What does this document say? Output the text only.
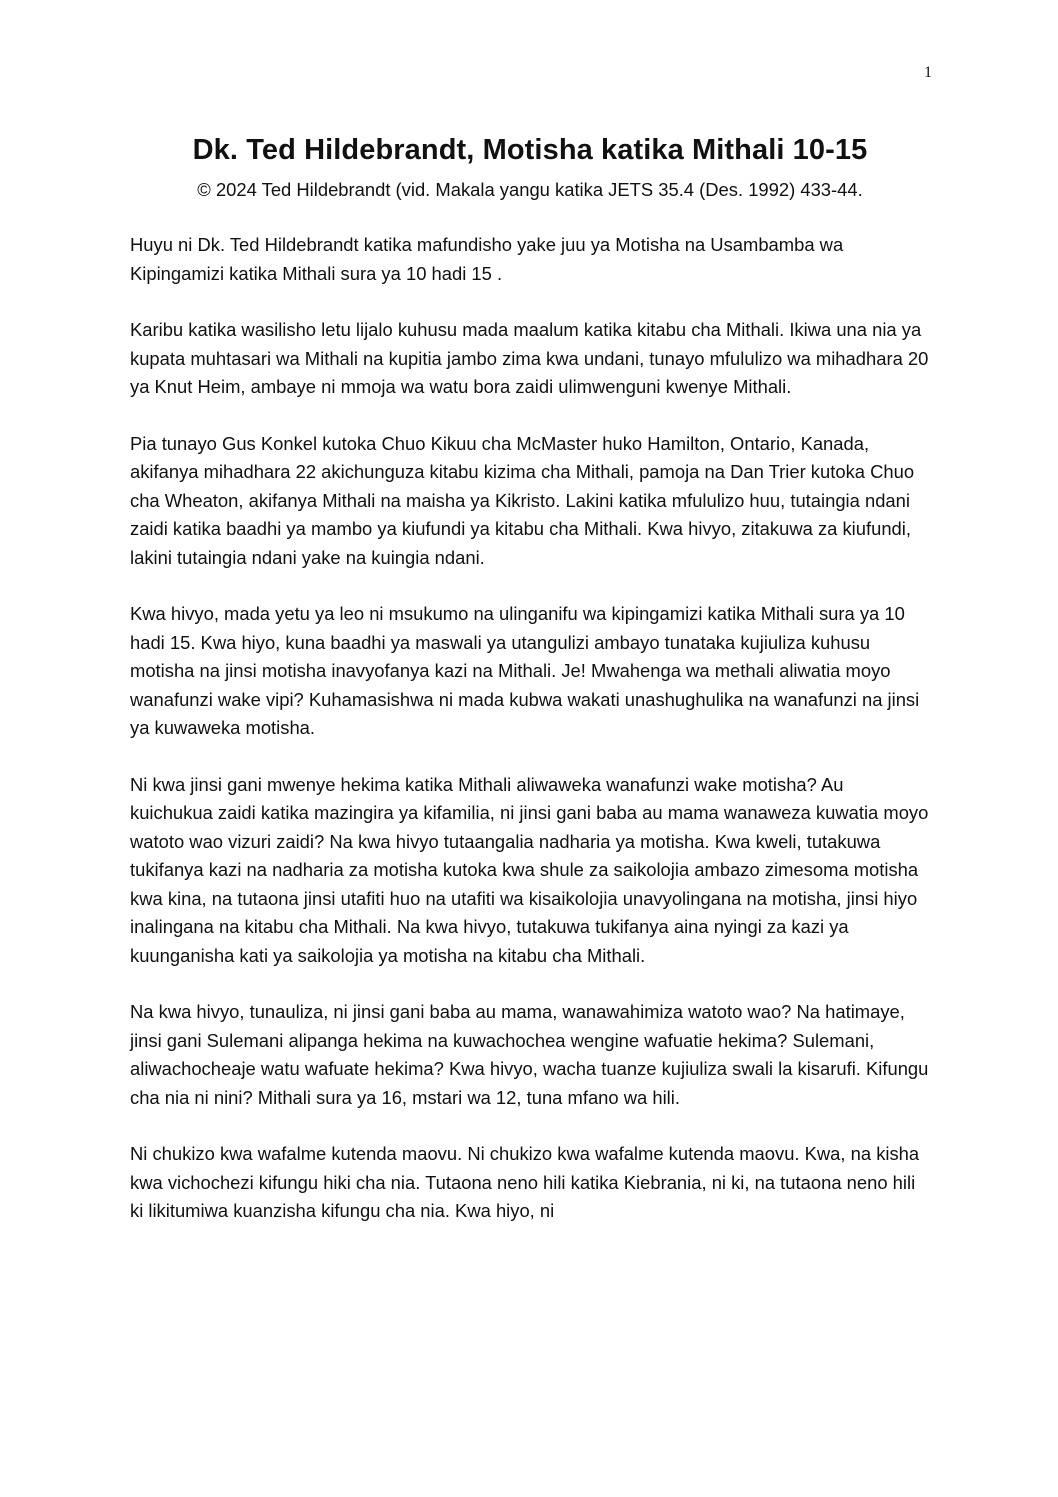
1
Dk. Ted Hildebrandt, Motisha katika Mithali 10-15

© 2024 Ted Hildebrandt (vid. Makala yangu katika JETS 35.4 (Des. 1992) 433-44.

Huyu ni Dk. Ted Hildebrandt katika mafundisho yake juu ya Motisha na Usambamba wa Kipingamizi katika Mithali sura ya 10 hadi 15 .

Karibu katika wasilisho letu lijalo kuhusu mada maalum katika kitabu cha Mithali. Ikiwa una nia ya kupata muhtasari wa Mithali na kupitia jambo zima kwa undani, tunayo mfululizo wa mihadhara 20 ya Knut Heim, ambaye ni mmoja wa watu bora zaidi ulimwenguni kwenye Mithali.

Pia tunayo Gus Konkel kutoka Chuo Kikuu cha McMaster huko Hamilton, Ontario, Kanada, akifanya mihadhara 22 akichunguza kitabu kizima cha Mithali, pamoja na Dan Trier kutoka Chuo cha Wheaton, akifanya Mithali na maisha ya Kikristo. Lakini katika mfululizo huu, tutaingia ndani zaidi katika baadhi ya mambo ya kiufundi ya kitabu cha Mithali. Kwa hivyo, zitakuwa za kiufundi, lakini tutaingia ndani yake na kuingia ndani.

Kwa hivyo, mada yetu ya leo ni msukumo na ulinganifu wa kipingamizi katika Mithali sura ya 10 hadi 15. Kwa hiyo, kuna baadhi ya maswali ya utangulizi ambayo tunataka kujiuliza kuhusu motisha na jinsi motisha inavyofanya kazi na Mithali. Je! Mwahenga wa methali aliwatia moyo wanafunzi wake vipi? Kuhamasishwa ni mada kubwa wakati unashughulika na wanafunzi na jinsi ya kuwaweka motisha.

Ni kwa jinsi gani mwenye hekima katika Mithali aliwaweka wanafunzi wake motisha? Au kuichukua zaidi katika mazingira ya kifamilia, ni jinsi gani baba au mama wanaweza kuwatia moyo watoto wao vizuri zaidi? Na kwa hivyo tutaangalia nadharia ya motisha. Kwa kweli, tutakuwa tukifanya kazi na nadharia za motisha kutoka kwa shule za saikolojia ambazo zimesoma motisha kwa kina, na tutaona jinsi utafiti huo na utafiti wa kisaikolojia unavyolingana na motisha, jinsi hiyo inalingana na kitabu cha Mithali. Na kwa hivyo, tutakuwa tukifanya aina nyingi za kazi ya kuunganisha kati ya saikolojia ya motisha na kitabu cha Mithali.

Na kwa hivyo, tunauliza, ni jinsi gani baba au mama, wanawahimiza watoto wao? Na hatimaye, jinsi gani Sulemani alipanga hekima na kuwachochea wengine wafuatie hekima? Sulemani, aliwachocheaje watu wafuate hekima? Kwa hivyo, wacha tuanze kujiuliza swali la kisarufi. Kifungu cha nia ni nini? Mithali sura ya 16, mstari wa 12, tuna mfano wa hili.

Ni chukizo kwa wafalme kutenda maovu. Ni chukizo kwa wafalme kutenda maovu. Kwa, na kisha kwa vichochezi kifungu hiki cha nia. Tutaona neno hili katika Kiebrania, ni ki, na tutaona neno hili ki likitumiwa kuanzisha kifungu cha nia. Kwa hiyo, ni
